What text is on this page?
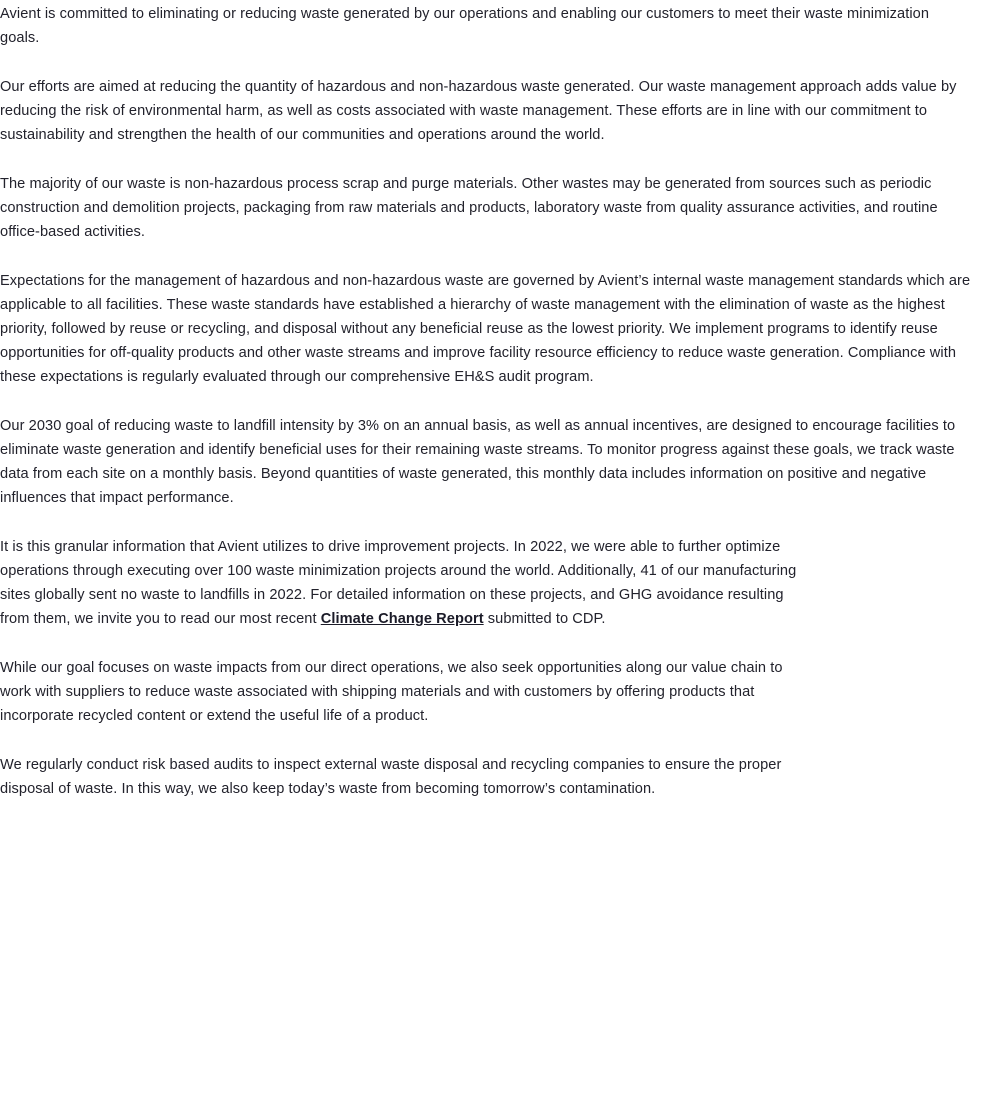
Avient is committed to eliminating or reducing waste generated by our operations and enabling our customers to meet their waste minimization goals.

Our efforts are aimed at reducing the quantity of hazardous and non-hazardous waste generated. Our waste management approach adds value by reducing the risk of environmental harm, as well as costs associated with waste management. These efforts are in line with our commitment to sustainability and strengthen the health of our communities and operations around the world.

The majority of our waste is non-hazardous process scrap and purge materials. Other wastes may be generated from sources such as periodic construction and demolition projects, packaging from raw materials and products, laboratory waste from quality assurance activities, and routine office-based activities.

Expectations for the management of hazardous and non-hazardous waste are governed by Avient’s internal waste management standards which are applicable to all facilities. These waste standards have established a hierarchy of waste management with the elimination of waste as the highest priority, followed by reuse or recycling, and disposal without any beneficial reuse as the lowest priority. We implement programs to identify reuse opportunities for off-quality products and other waste streams and improve facility resource efficiency to reduce waste generation. Compliance with these expectations is regularly evaluated through our comprehensive EH&S audit program.

Our 2030 goal of reducing waste to landfill intensity by 3% on an annual basis, as well as annual incentives, are designed to encourage facilities to eliminate waste generation and identify beneficial uses for their remaining waste streams. To monitor progress against these goals, we track waste data from each site on a monthly basis. Beyond quantities of waste generated, this monthly data includes information on positive and negative influences that impact performance.

It is this granular information that Avient utilizes to drive improvement projects. In 2022, we were able to further optimize operations through executing over 100 waste minimization projects around the world. Additionally, 41 of our manufacturing sites globally sent no waste to landfills in 2022. For detailed information on these projects, and GHG avoidance resulting from them, we invite you to read our most recent Climate Change Report submitted to CDP.

While our goal focuses on waste impacts from our direct operations, we also seek opportunities along our value chain to work with suppliers to reduce waste associated with shipping materials and with customers by offering products that incorporate recycled content or extend the useful life of a product.

We regularly conduct risk based audits to inspect external waste disposal and recycling companies to ensure the proper disposal of waste. In this way, we also keep today’s waste from becoming tomorrow’s contamination.
